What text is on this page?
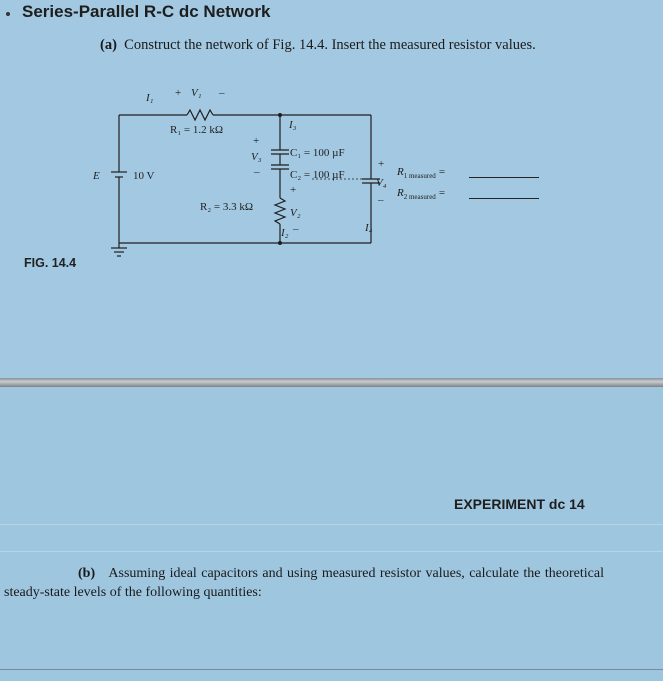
Series-Parallel R-C dc Network
(a) Construct the network of Fig. 14.4. Insert the measured resistor values.
I₁ + V₁ –
R₁ = 1.2 kΩ	I₃
+
V₃
–
C₁ = 100 µF
C₂ = 100 µF
+
V₂
–
I₂
R₂ = 3.3 kΩ
E	10 V
+
V₄
–
I₄
$R_{1 measured}$ =
$R_{2 measured}$ =
FIG. 14.4
EXPERIMENT dc 14
(b) Assuming ideal capacitors and using measured resistor values, calculate the theoretical steady-state levels of the following quantities:
